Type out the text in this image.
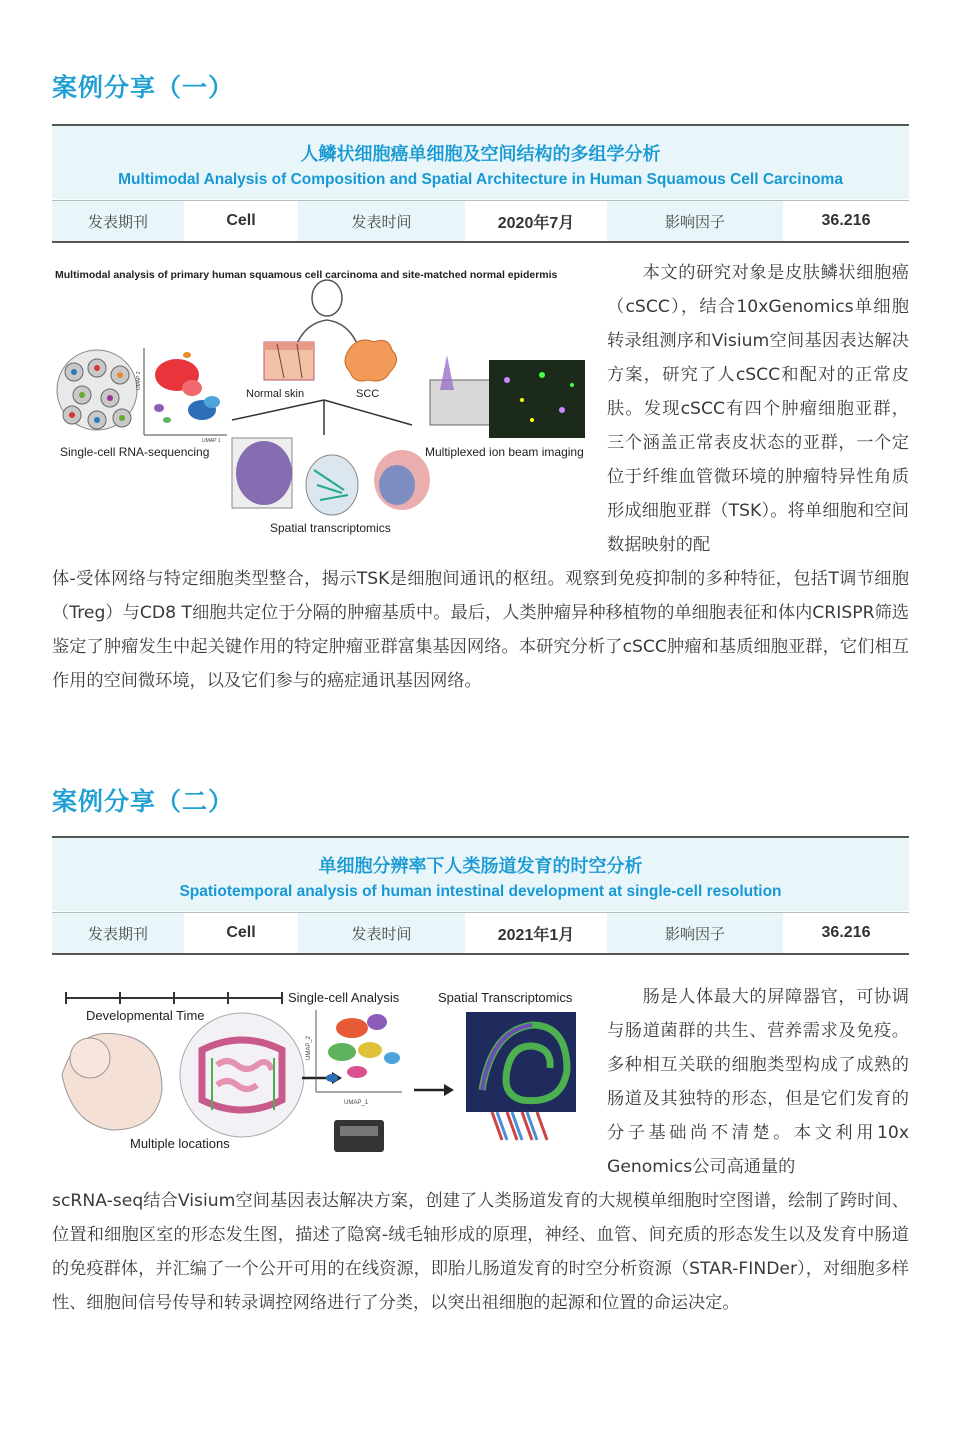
案例分享（一）
人鳞状细胞癌单细胞及空间结构的多组学分析
Multimodal Analysis of Composition and Spatial Architecture in Human Squamous Cell Carcinoma
发表期刊	Cell	发表时间	2020年7月	影响因子	36.216
Multimodal analysis of primary human squamous cell carcinoma and site-matched normal epidermis
UMAP 2
UMAP 1
Single-cell RNA-sequencing
Normal skin	SCC
Multiplexed ion beam imaging
Spatial transcriptomics

　　本文的研究对象是皮肤鳞状细胞癌（cSCC），结合10xGenomics单细胞转录组测序和Visium空间基因表达解决方案，研究了人cSCC和配对的正常皮肤。发现cSCC有四个肿瘤细胞亚群，三个涵盖正常表皮状态的亚群，一个定位于纤维血管微环境的肿瘤特异性角质形成细胞亚群（TSK）。将单细胞和空间数据映射的配

体-受体网络与特定细胞类型整合，揭示TSK是细胞间通讯的枢纽。观察到免疫抑制的多种特征，包括T调节细胞（Treg）与CD8 T细胞共定位于分隔的肿瘤基质中。最后，人类肿瘤异种移植物的单细胞表征和体内CRISPR筛选鉴定了肿瘤发生中起关键作用的特定肿瘤亚群富集基因网络。本研究分析了cSCC肿瘤和基质细胞亚群，它们相互作用的空间微环境，以及它们参与的癌症通讯基因网络。

案例分享（二）
单细胞分辨率下人类肠道发育的时空分析
Spatiotemporal analysis of human intestinal development at single-cell resolution
发表期刊	Cell	发表时间	2021年1月	影响因子	36.216
Developmental Time
Multiple locations
Single-cell Analysis
UMAP_2
UMAP_1
Spatial Transcriptomics 　　肠是人体最大的屏障器官，可协调与肠道菌群的共生、营养需求及免疫。多种相互关联的细胞类型构成了成熟的肠道及其独特的形态，但是它们发育的分子基础尚不清楚。本文利用10x Genomics公司高通量的

scRNA-seq结合Visium空间基因表达解决方案，创建了人类肠道发育的大规模单细胞时空图谱，绘制了跨时间、位置和细胞区室的形态发生图，描述了隐窝-绒毛轴形成的原理，神经、血管、间充质的形态发生以及发育中肠道的免疫群体，并汇编了一个公开可用的在线资源，即胎儿肠道发育的时空分析资源（STAR-FINDer），对细胞多样性、细胞间信号传导和转录调控网络进行了分类，以突出祖细胞的起源和位置的命运决定。
